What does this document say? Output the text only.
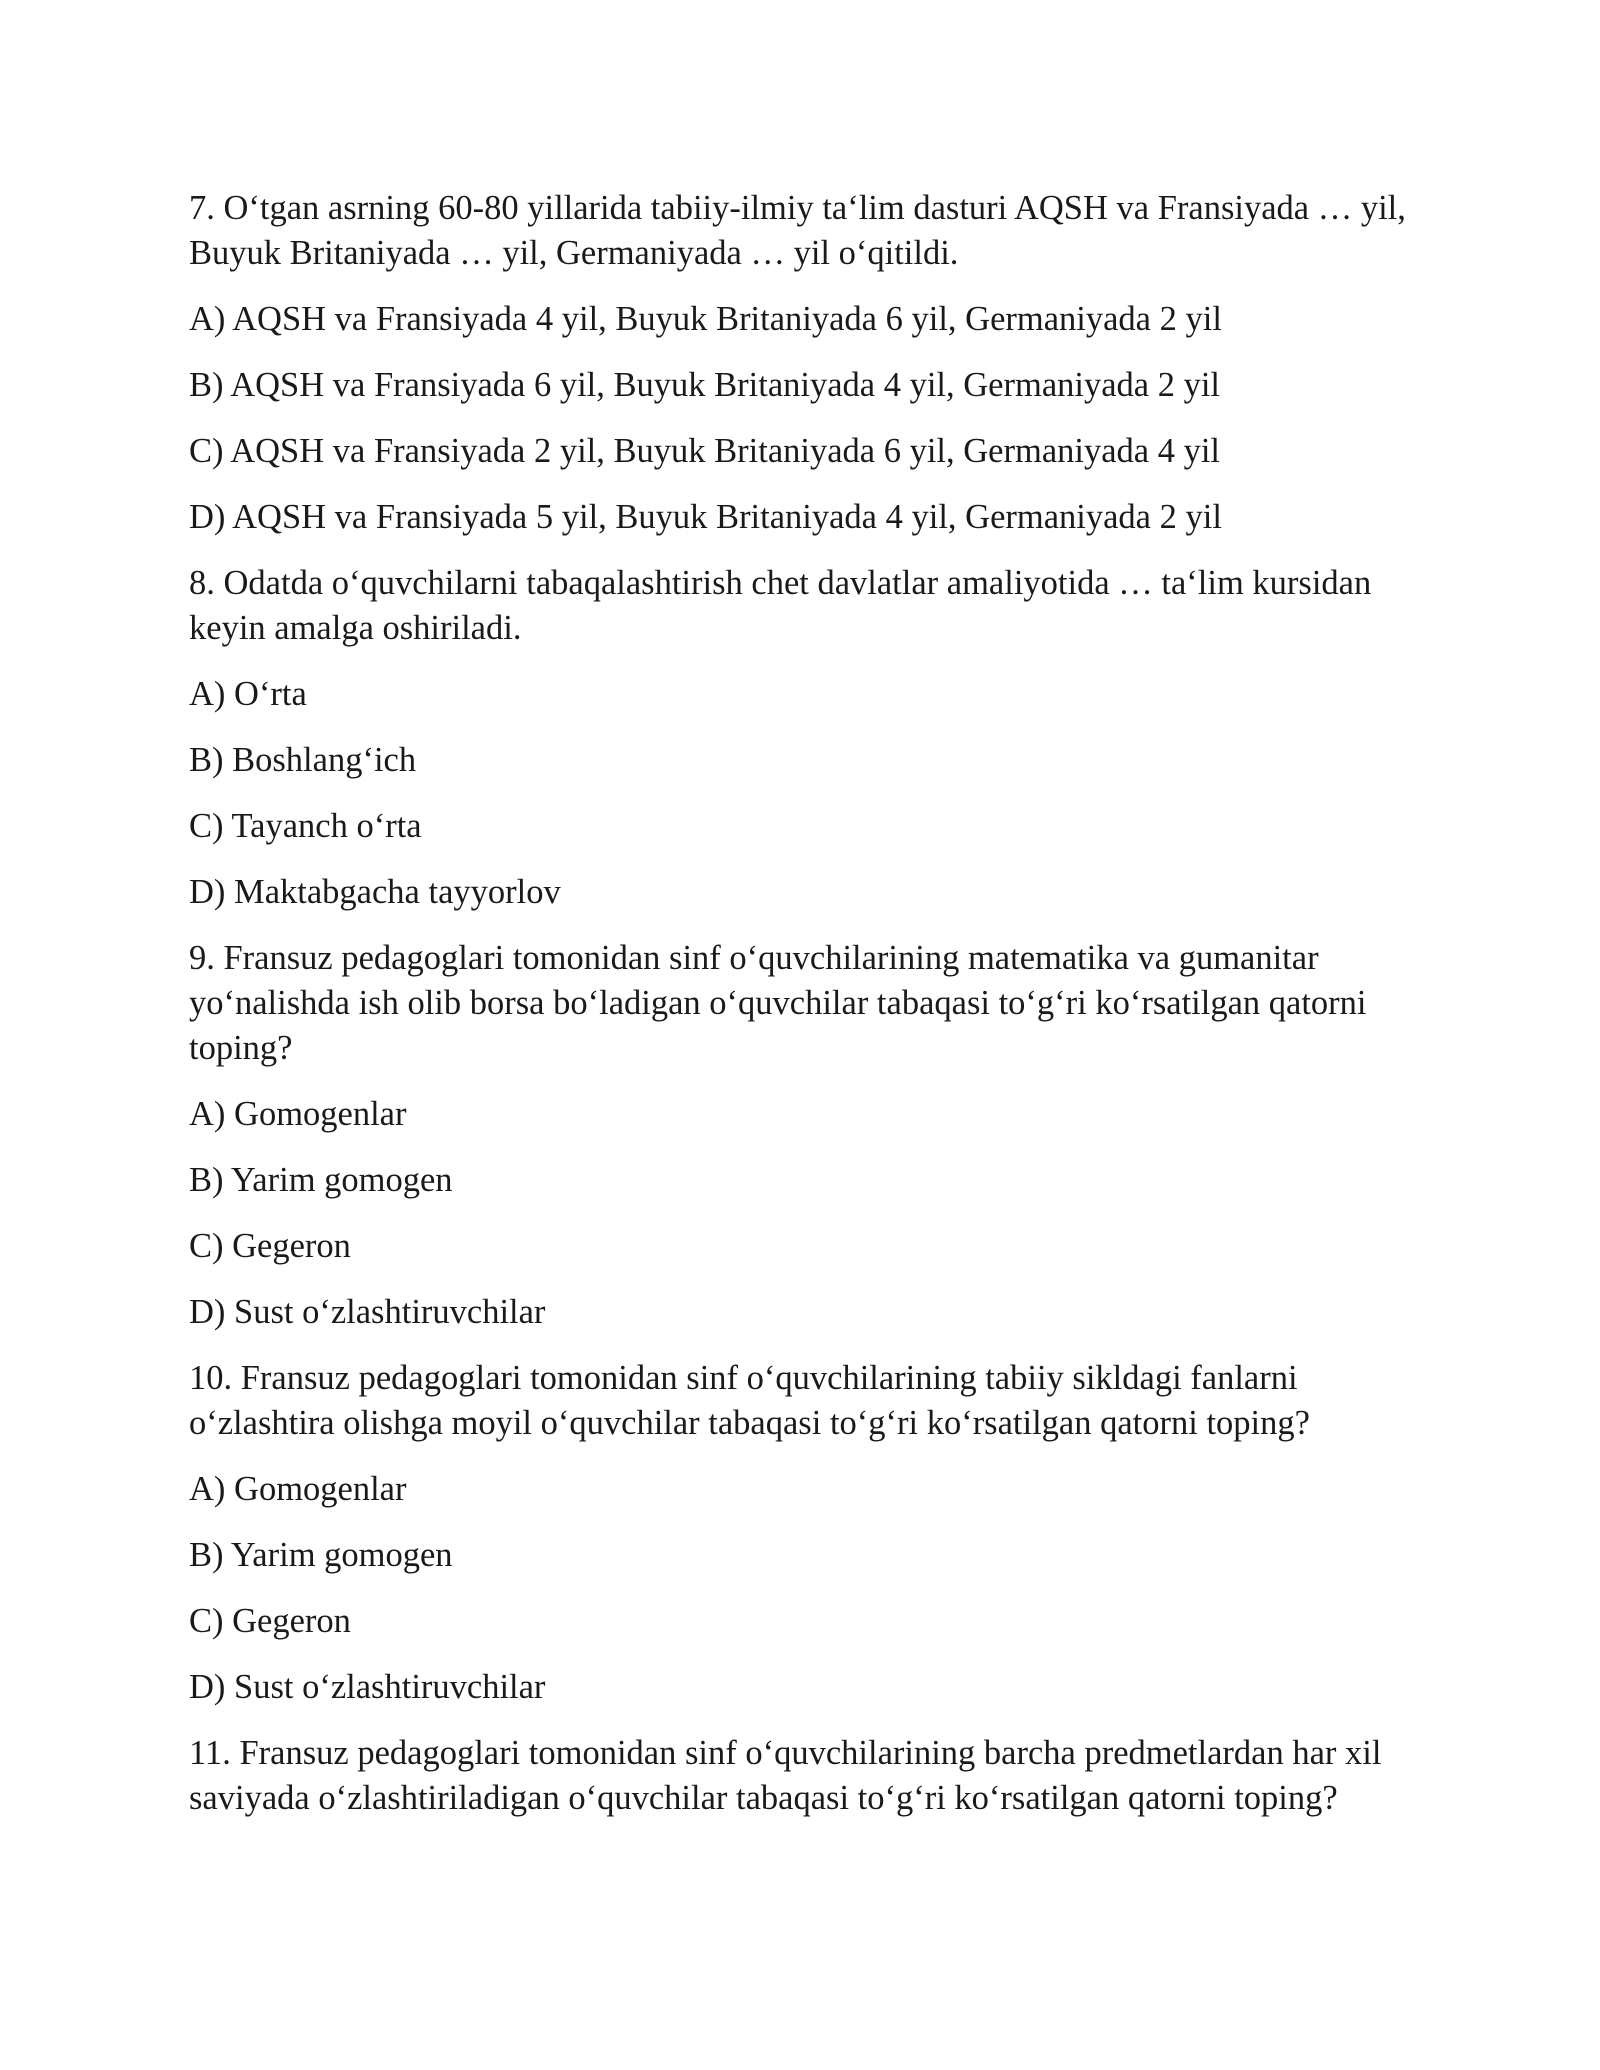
7. O‘tgan asrning 60-80 yillarida tabiiy-ilmiy ta‘lim dasturi AQSH va Fransiyada … yil, Buyuk Britaniyada … yil, Germaniyada … yil o‘qitildi.

A) AQSH va Fransiyada 4 yil, Buyuk Britaniyada 6 yil, Germaniyada 2 yil

B) AQSH va Fransiyada 6 yil, Buyuk Britaniyada 4 yil, Germaniyada 2 yil

C) AQSH va Fransiyada 2 yil, Buyuk Britaniyada 6 yil, Germaniyada 4 yil

D) AQSH va Fransiyada 5 yil, Buyuk Britaniyada 4 yil, Germaniyada 2 yil

8. Odatda o‘quvchilarni tabaqalashtirish chet davlatlar amaliyotida … ta‘lim kursidan keyin amalga oshiriladi.

A) O‘rta

B) Boshlang‘ich

C) Tayanch o‘rta

D) Maktabgacha tayyorlov

9. Fransuz pedagoglari tomonidan sinf o‘quvchilarining matematika va gumanitar yo‘nalishda ish olib borsa bo‘ladigan o‘quvchilar tabaqasi to‘g‘ri ko‘rsatilgan qatorni toping?

A) Gomogenlar

B) Yarim gomogen

C) Gegeron

D) Sust o‘zlashtiruvchilar

10. Fransuz pedagoglari tomonidan sinf o‘quvchilarining tabiiy sikldagi fanlarni o‘zlashtira olishga moyil o‘quvchilar tabaqasi to‘g‘ri ko‘rsatilgan qatorni toping?

A) Gomogenlar

B) Yarim gomogen

C) Gegeron

D) Sust o‘zlashtiruvchilar

11. Fransuz pedagoglari tomonidan sinf o‘quvchilarining barcha predmetlardan har xil saviyada o‘zlashtiriladigan o‘quvchilar tabaqasi to‘g‘ri ko‘rsatilgan qatorni toping?
